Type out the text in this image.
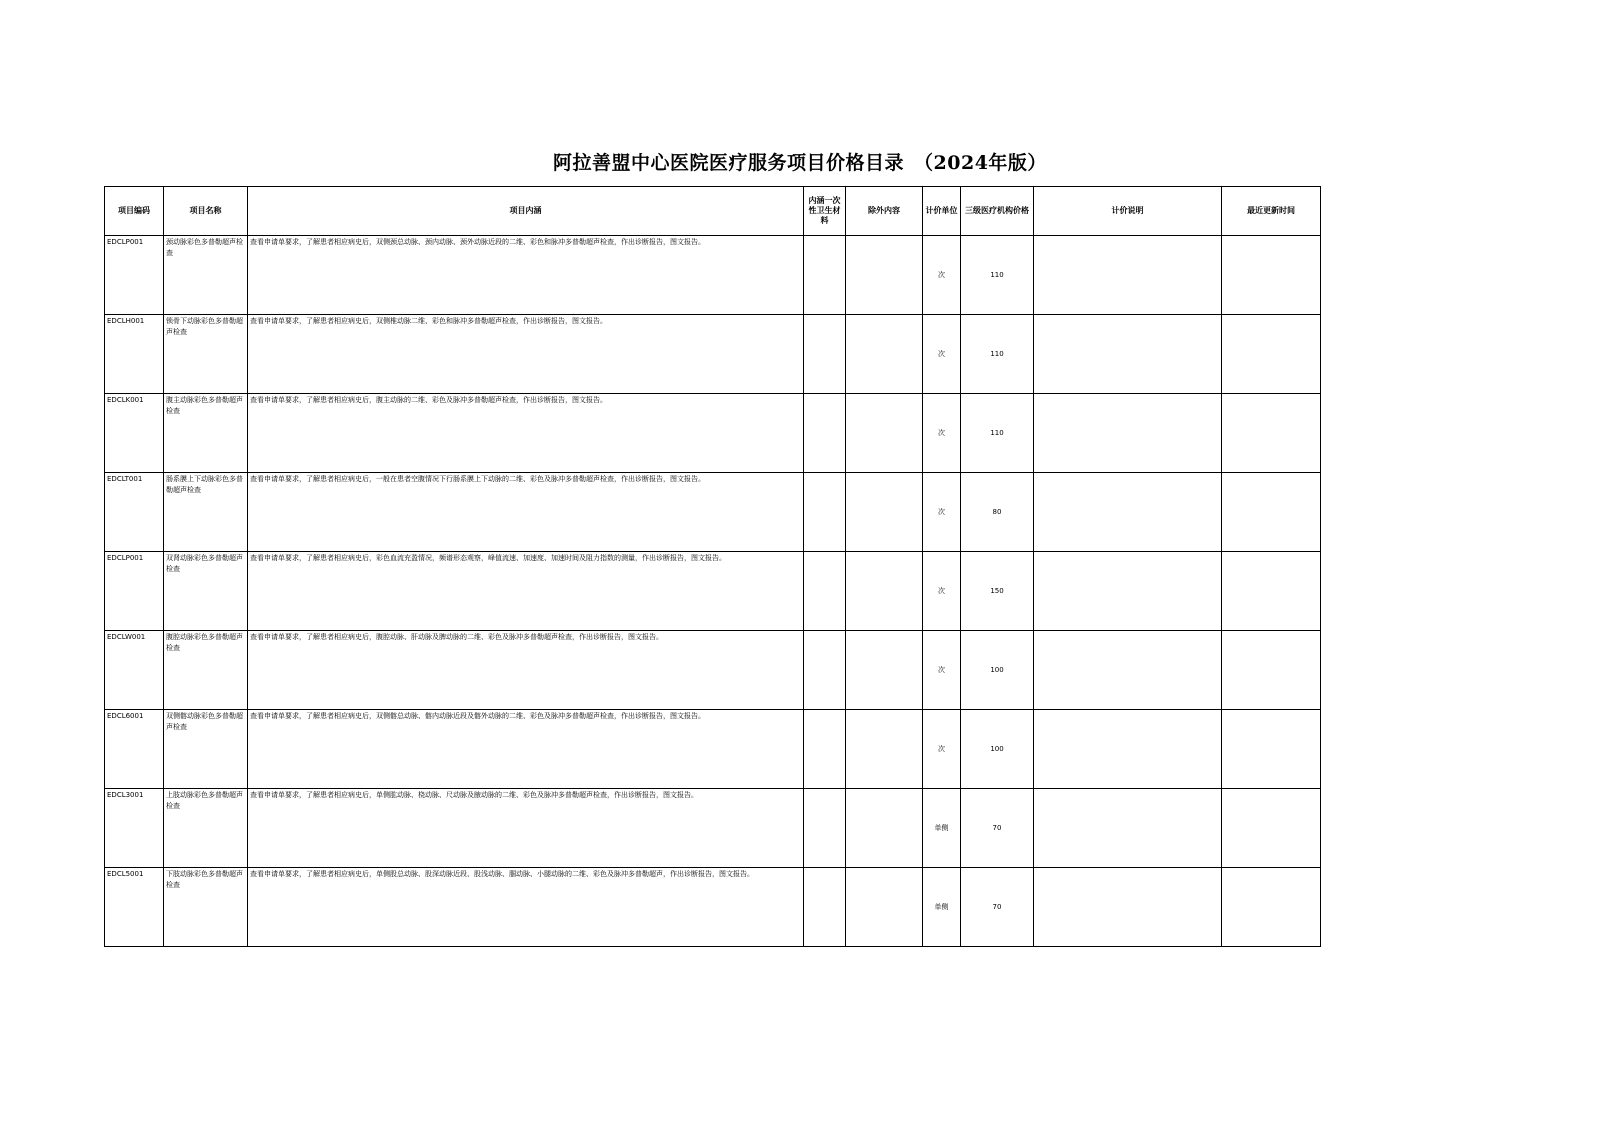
阿拉善盟中心医院医疗服务项目价格目录　（2024年版）
项目编码	项目名称	项目内涵	内涵一次性卫生材料	除外内容	计价单位	三级医疗机构价格	计价说明	最近更新时间
EDCLP001	颈动脉彩色多普勒超声检查	查看申请单要求，了解患者相应病史后，双侧颈总动脉、颈内动脉、颈外动脉近段的二维、彩色和脉冲多普勒超声检查，作出诊断报告，图文报告。			次	110		
EDCLH001	锁骨下动脉彩色多普勒超声检查	查看申请单要求，了解患者相应病史后，双侧椎动脉二维、彩色和脉冲多普勒超声检查，作出诊断报告，图文报告。			次	110		
EDCLK001	腹主动脉彩色多普勒超声检查	查看申请单要求，了解患者相应病史后，腹主动脉的二维、彩色及脉冲多普勒超声检查，作出诊断报告，图文报告。			次	110		
EDCLT001	肠系膜上下动脉彩色多普勒超声检查	查看申请单要求，了解患者相应病史后，一般在患者空腹情况下行肠系膜上下动脉的二维、彩色及脉冲多普勒超声检查，作出诊断报告，图文报告。			次	80		
EDCLP001	双肾动脉彩色多普勒超声检查	查看申请单要求，了解患者相应病史后，彩色血流充盈情况，频谱形态观察，峰值流速、加速度、加速时间及阻力指数的测量，作出诊断报告，图文报告。			次	150		
EDCLW001	腹腔动脉彩色多普勒超声检查	查看申请单要求，了解患者相应病史后，腹腔动脉、肝动脉及脾动脉的二维、彩色及脉冲多普勒超声检查，作出诊断报告，图文报告。			次	100		
EDCL6001	双侧髂动脉彩色多普勒超声检查	查看申请单要求，了解患者相应病史后，双侧髂总动脉、髂内动脉近段及髂外动脉的二维、彩色及脉冲多普勒超声检查，作出诊断报告，图文报告。			次	100		
EDCL3001	上肢动脉彩色多普勒超声检查	查看申请单要求，了解患者相应病史后，单侧肱动脉、桡动脉、尺动脉及腋动脉的二维、彩色及脉冲多普勒超声检查，作出诊断报告，图文报告。			单侧	70		
EDCL5001	下肢动脉彩色多普勒超声检查	查看申请单要求，了解患者相应病史后，单侧股总动脉、股深动脉近段、股浅动脉、腘动脉、小腿动脉的二维、彩色及脉冲多普勒超声，作出诊断报告，图文报告。			单侧	70		
